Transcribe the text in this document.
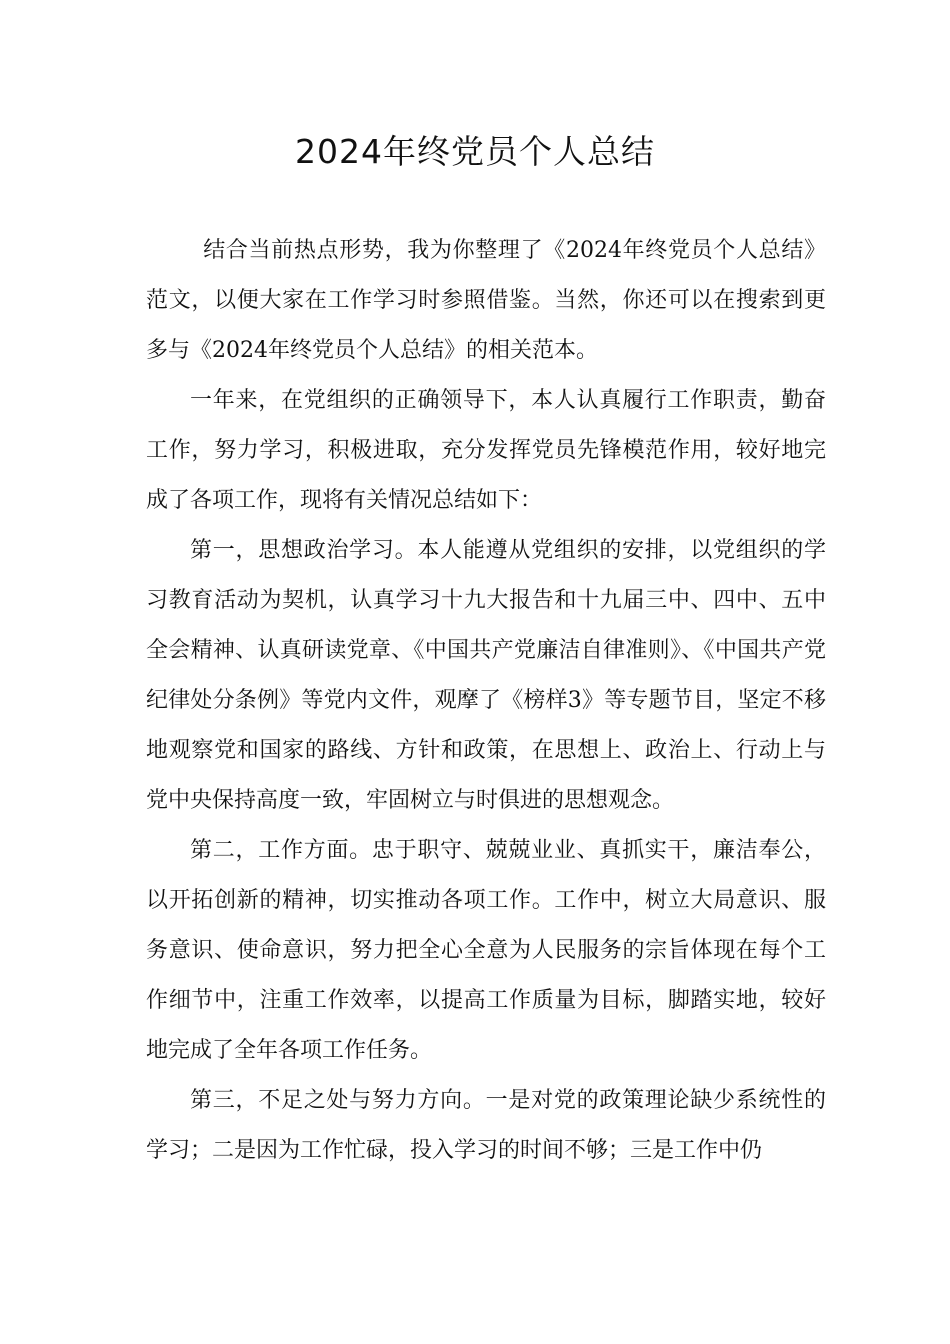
2024年终党员个人总结

结合当前热点形势，我为你整理了《2024年终党员个人总结》范文，以便大家在工作学习时参照借鉴。当然，你还可以在搜索到更多与《2024年终党员个人总结》的相关范本。

一年来，在党组织的正确领导下，本人认真履行工作职责，勤奋工作，努力学习，积极进取，充分发挥党员先锋模范作用，较好地完成了各项工作，现将有关情况总结如下：

第一，思想政治学习。本人能遵从党组织的安排，以党组织的学习教育活动为契机，认真学习十九大报告和十九届三中、四中、五中全会精神、认真研读党章、《中国共产党廉洁自律准则》、《中国共产党纪律处分条例》等党内文件，观摩了《榜样3》等专题节目，坚定不移地观察党和国家的路线、方针和政策，在思想上、政治上、行动上与党中央保持高度一致，牢固树立与时俱进的思想观念。

第二，工作方面。忠于职守、兢兢业业、真抓实干，廉洁奉公，以开拓创新的精神，切实推动各项工作。工作中，树立大局意识、服务意识、使命意识，努力把全心全意为人民服务的宗旨体现在每个工作细节中，注重工作效率，以提高工作质量为目标，脚踏实地，较好地完成了全年各项工作任务。

第三，不足之处与努力方向。一是对党的政策理论缺少系统性的学习；二是因为工作忙碌，投入学习的时间不够；三是工作中仍
